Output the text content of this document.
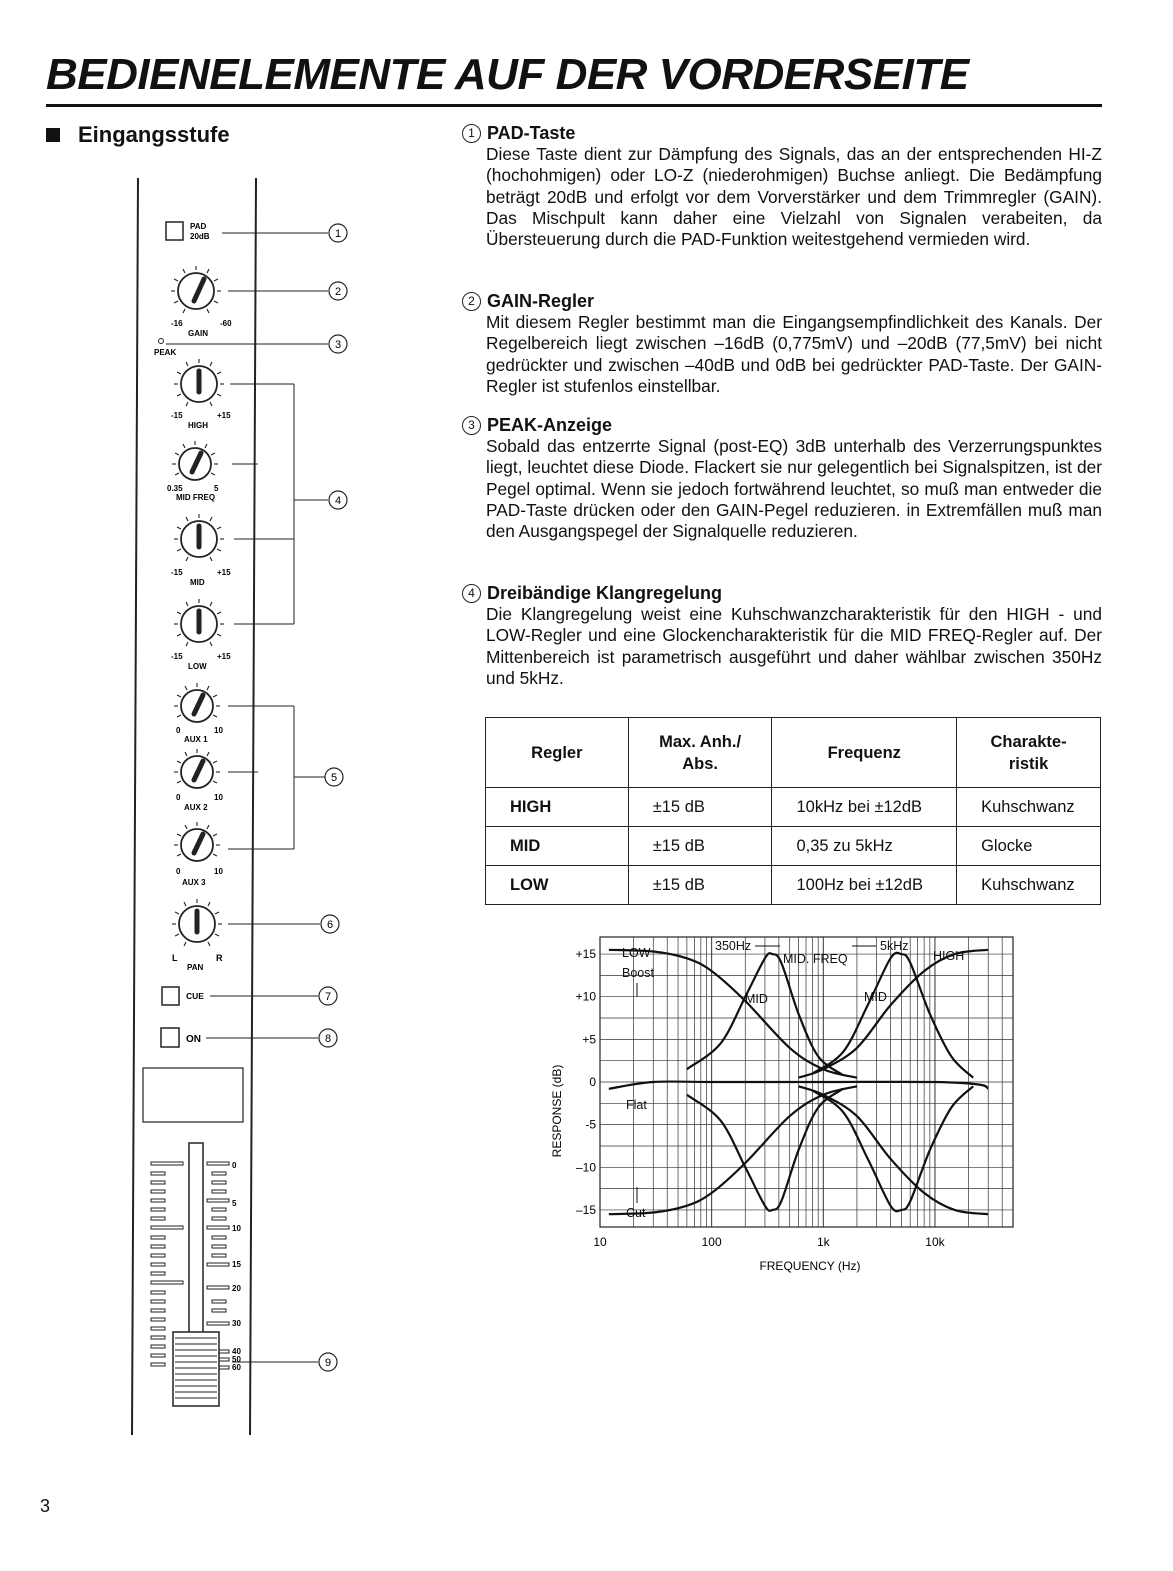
BEDIENELEMENTE AUF DER VORDERSEITE
Eingangsstufe
PAD
20dB	1
-16	-60
GAIN
2
PEAK
3
-15	+15
HIGH
0.35	5
MID FREQ
-15	+15
MID
-15	+15
LOW
4
0	10
AUX 1
0	10
AUX 2
0	10
AUX 3
5
L	R
PAN
6
CUE	7
ON	8
0
5
10
15
20
30
40
50
60	9
1 PAD-Taste
Diese Taste dient zur Dämpfung des Signals, das an der entsprechenden HI-Z (hochohmigen) oder LO-Z (niederohmigen) Buchse anliegt. Die Bedämpfung beträgt 20dB und erfolgt vor dem Vorverstärker und dem Trimmregler (GAIN). Das Mischpult kann daher eine Vielzahl von Signalen verabeiten, da Übersteuerung durch die PAD-Funktion weitestgehend vermieden wird.
2 GAIN-Regler
Mit diesem Regler bestimmt man die Eingangsempfindlichkeit des Kanals. Der Regelbereich liegt zwischen –16dB (0,775mV) und –20dB (77,5mV) bei nicht gedrückter und zwischen –40dB und 0dB bei gedrückter PAD-Taste. Der GAIN-Regler ist stufenlos einstellbar.
3 PEAK-Anzeige
Sobald das entzerrte Signal (post-EQ) 3dB unterhalb des Verzerrungspunktes liegt, leuchtet diese Diode. Flackert sie nur gelegentlich bei Signalspitzen, ist der Pegel optimal. Wenn sie jedoch fortwährend leuchtet, so muß man entweder die PAD-Taste drücken oder den GAIN-Pegel reduzieren. in Extremfällen muß man den Ausgangspegel der Signalquelle reduzieren.
4 Dreibändige Klangregelung
Die Klangregelung weist eine Kuhschwanzcharakteristik für den HIGH - und LOW-Regler und eine Glockencharakteristik für die MID FREQ-Regler auf. Der Mittenbereich ist parametrisch ausgeführt und daher wählbar zwischen 350Hz und 5kHz.
Regler	Max. Anh./ Abs.	Frequenz	Charakte- ristik
HIGH	±15 dB	10kHz bei ±12dB	Kuhschwanz
MID	±15 dB	0,35 zu 5kHz	Glocke
LOW	±15 dB	100Hz bei ±12dB	Kuhschwanz
10	100	1k	10k
+15
+10
+5
0
-5
–10
–15
LOW	350Hz
MID. FREQ
5kHz
HIGH
Boost
MID	MID
Flat
Cut
FREQUENCY (Hz)
RESPONSE (dB)
3
